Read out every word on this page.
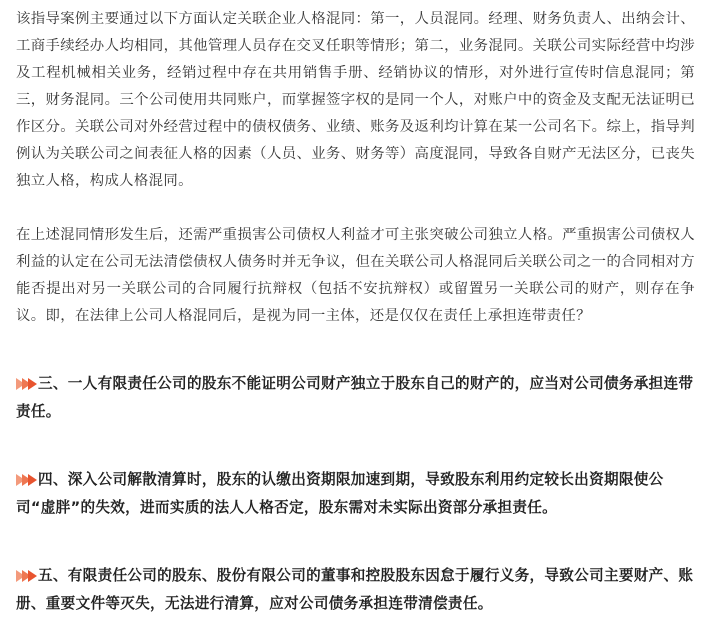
该指导案例主要通过以下方面认定关联企业人格混同：第一，人员混同。经理、财务负责人、出纳会计、工商手续经办人均相同，其他管理人员存在交叉任职等情形；第二，业务混同。关联公司实际经营中均涉及工程机械相关业务，经销过程中存在共用销售手册、经销协议的情形，对外进行宣传时信息混同；第三，财务混同。三个公司使用共同账户，而掌握签字权的是同一个人，对账户中的资金及支配无法证明已作区分。关联公司对外经营过程中的债权债务、业绩、账务及返利均计算在某一公司名下。综上，指导判例认为关联公司之间表征人格的因素（人员、业务、财务等）高度混同，导致各自财产无法区分，已丧失独立人格，构成人格混同。

在上述混同情形发生后，还需严重损害公司债权人利益才可主张突破公司独立人格。严重损害公司债权人利益的认定在公司无法清偿债权人债务时并无争议，但在关联公司人格混同后关联公司之一的合同相对方能否提出对另一关联公司的合同履行抗辩权（包括不安抗辩权）或留置另一关联公司的财产，则存在争议。即，在法律上公司人格混同后，是视为同一主体，还是仅仅在责任上承担连带责任？

三、一人有限责任公司的股东不能证明公司财产独立于股东自己的财产的，应当对公司债务承担连带责任。
四、深入公司解散清算时，股东的认缴出资期限加速到期，导致股东利用约定较长出资期限使公司“虚胖”的失效，进而实质的法人人格否定，股东需对未实际出资部分承担责任。
五、有限责任公司的股东、股份有限公司的董事和控股股东因怠于履行义务，导致公司主要财产、账册、重要文件等灭失，无法进行清算，应对公司债务承担连带清偿责任。
